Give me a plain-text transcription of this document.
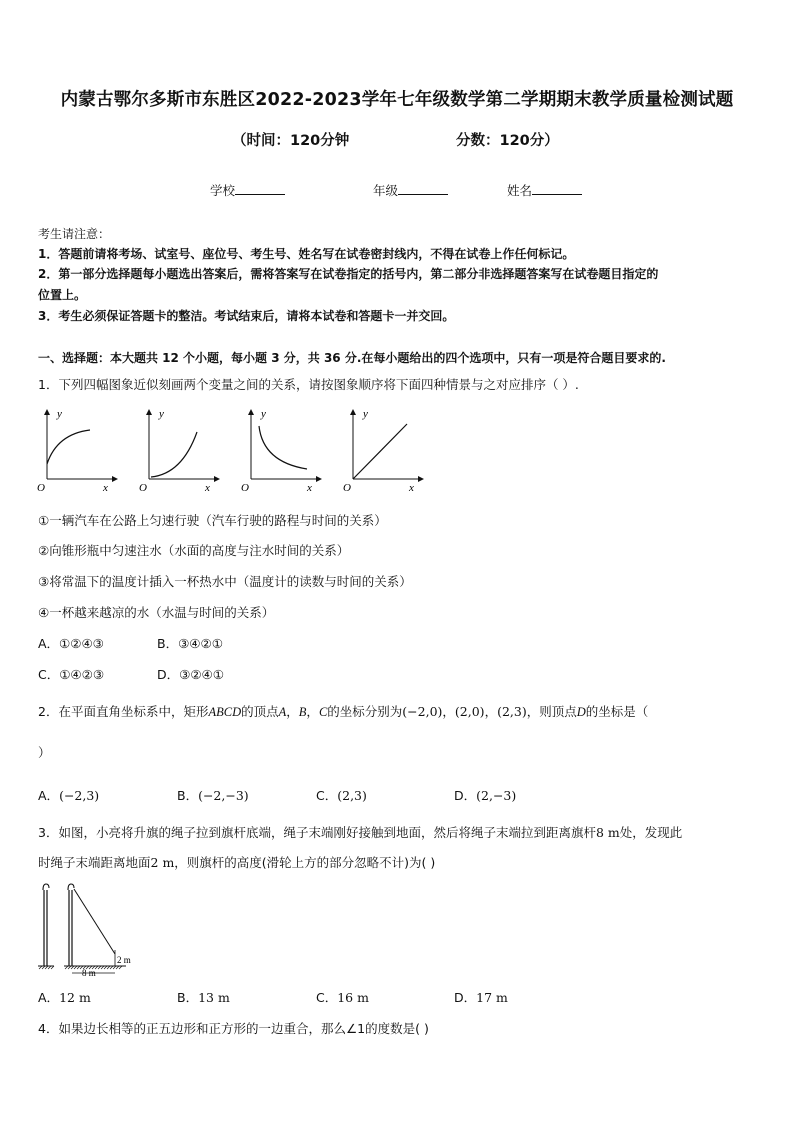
内蒙古鄂尔多斯市东胜区2022-2023学年七年级数学第二学期期末教学质量检测试题
（时间：120分钟	分数：120分）
学校	年级	姓名
考生请注意：
1．答题前请将考场、试室号、座位号、考生号、姓名写在试卷密封线内，不得在试卷上作任何标记。
2．第一部分选择题每小题选出答案后，需将答案写在试卷指定的括号内，第二部分非选择题答案写在试卷题目指定的
位置上。
3．考生必须保证答题卡的整洁。考试结束后，请将本试卷和答题卡一并交回。
一、选择题：本大题共 12 个小题，每小题 3 分，共 36 分.在每小题给出的四个选项中，只有一项是符合题目要求的.
1．下列四幅图象近似刻画两个变量之间的关系，请按图象顺序将下面四种情景与之对应排序（ ）.
y
x
O
y
x
O
y
x
O
y
x
O
①一辆汽车在公路上匀速行驶（汽车行驶的路程与时间的关系）
②向锥形瓶中匀速注水（水面的高度与注水时间的关系）
③将常温下的温度计插入一杯热水中（温度计的读数与时间的关系）
④一杯越来越凉的水（水温与时间的关系）
A．①②④③	B．③④②①
C．①④②③	D．③②④①
2．在平面直角坐标系中，矩形ABCD的顶点A，B，C的坐标分别为(−2,0)，(2,0)，(2,3)，则顶点D的坐标是（
）
A．(−2,3)	B．(−2,−3)	C．(2,3)	D．(2,−3)
3．如图，小亮将升旗的绳子拉到旗杆底端，绳子末端刚好接触到地面，然后将绳子末端拉到距离旗杆8 m处，发现此
时绳子末端距离地面2 m，则旗杆的高度(滑轮上方的部分忽略不计)为( )
8 m
2 m
A．12 m	B．13 m	C．16 m	D．17 m
4．如果边长相等的正五边形和正方形的一边重合，那么∠1的度数是( )
